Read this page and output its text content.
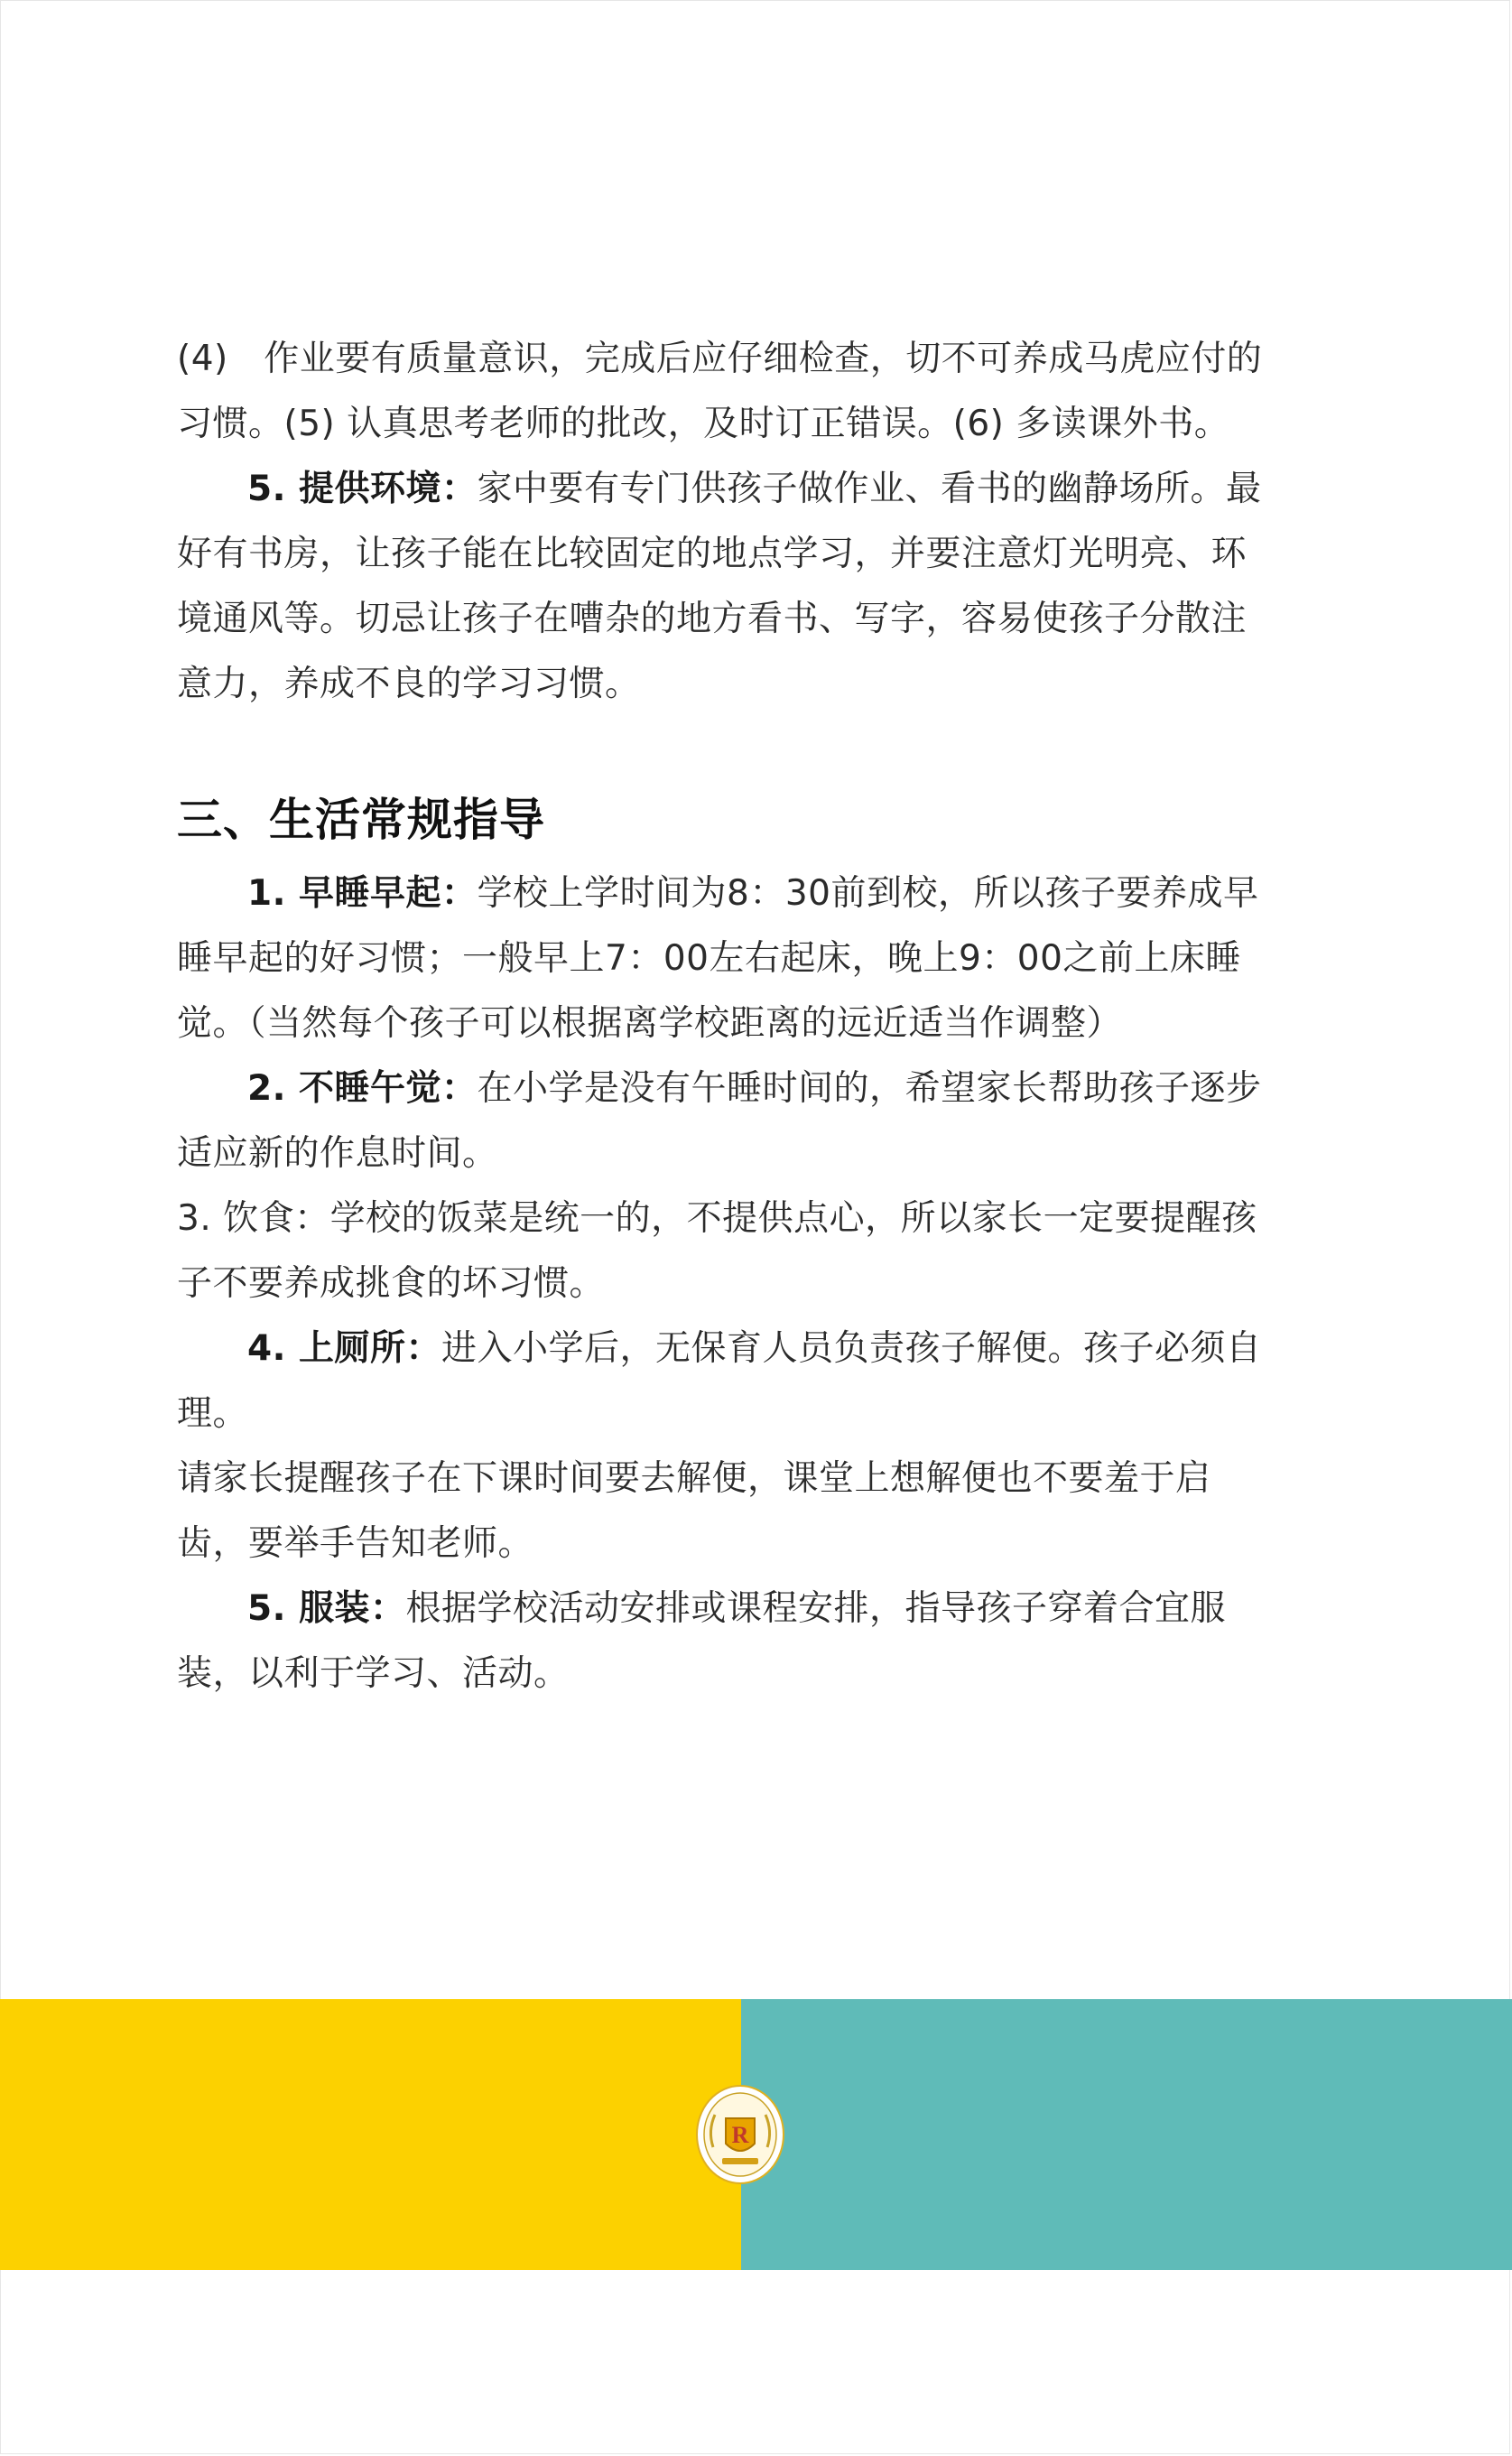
(4)　作业要有质量意识，完成后应仔细检查，切不可养成马虎应付的习惯。(5) 认真思考老师的批改，及时订正错误。(6) 多读课外书。

5. 提供环境：家中要有专门供孩子做作业、看书的幽静场所。最好有书房，让孩子能在比较固定的地点学习，并要注意灯光明亮、环境通风等。切忌让孩子在嘈杂的地方看书、写字，容易使孩子分散注意力，养成不良的学习习惯。

三、生活常规指导

1. 早睡早起：学校上学时间为8：30前到校，所以孩子要养成早睡早起的好习惯；一般早上7：00左右起床，晚上9：00之前上床睡觉。（当然每个孩子可以根据离学校距离的远近适当作调整）

2. 不睡午觉：在小学是没有午睡时间的，希望家长帮助孩子逐步适应新的作息时间。

3. 饮食：学校的饭菜是统一的，不提供点心，所以家长一定要提醒孩子不要养成挑食的坏习惯。

4. 上厕所：进入小学后，无保育人员负责孩子解便。孩子必须自理。

请家长提醒孩子在下课时间要去解便，课堂上想解便也不要羞于启齿，要举手告知老师。

5. 服装：根据学校活动安排或课程安排，指导孩子穿着合宜服装，以利于学习、活动。

R
